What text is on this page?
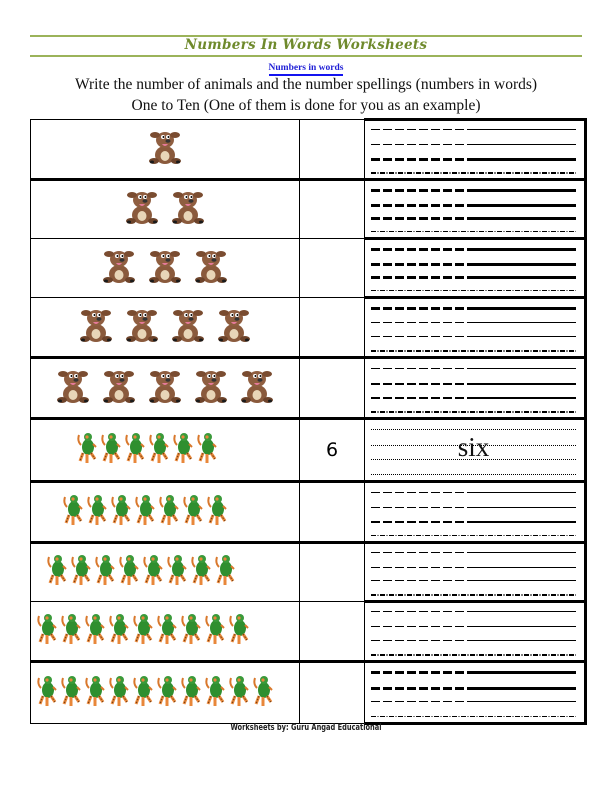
Numbers In Words Worksheets
Numbers in words
Write the number of animals and the number spellings (numbers in words)
One to Ten (One of them is done for you as an example)

	6	six

Worksheets by: Guru Angad Educational
